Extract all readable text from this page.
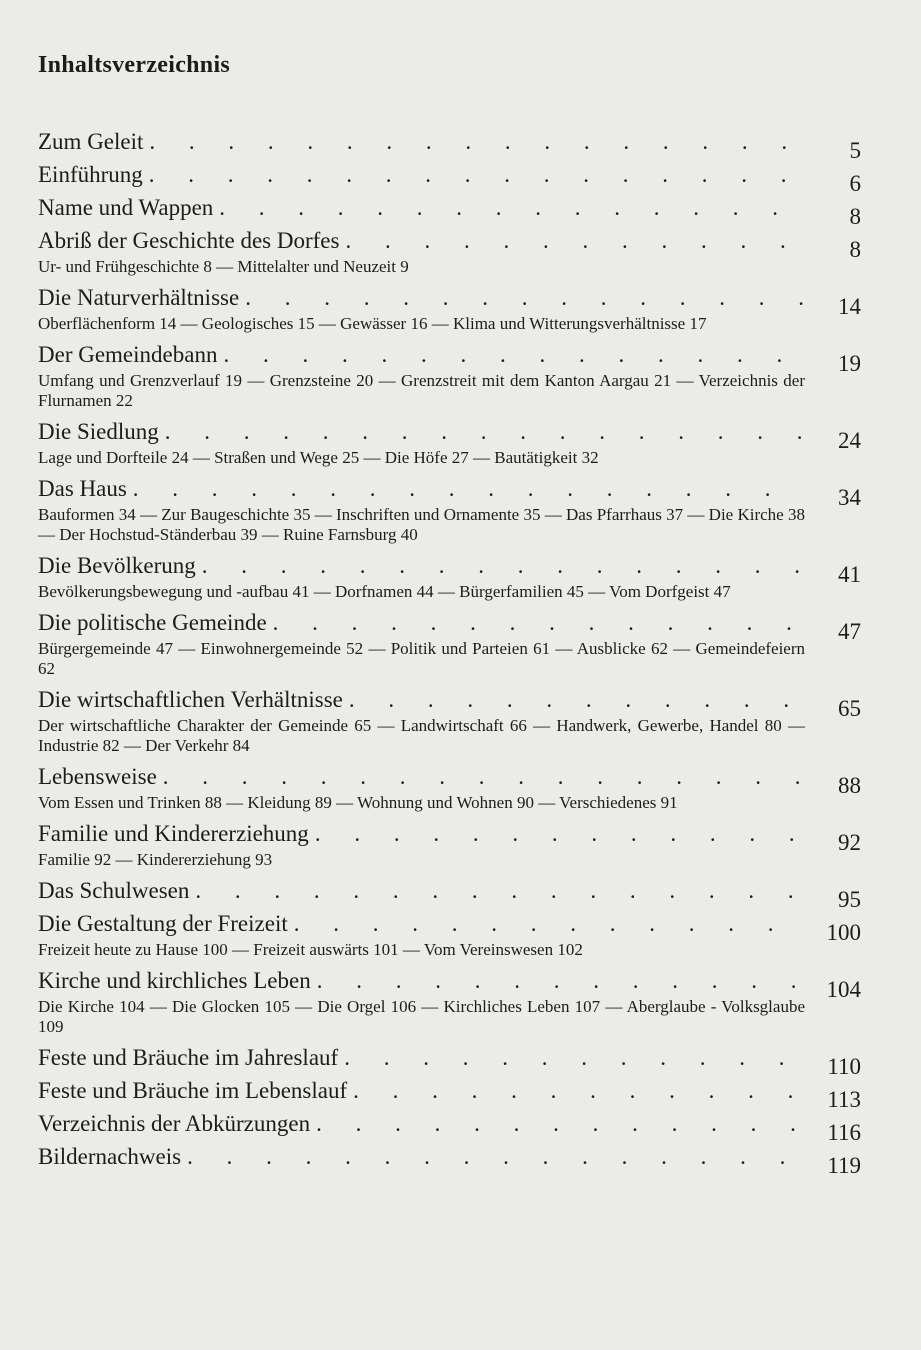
Inhaltsverzeichnis
Zum Geleit . . .	5
Einführung . . .	6
Name und Wappen . . .	8
Abriß der Geschichte des Dorfes . . .	8
Ur- und Frühgeschichte 8 — Mittelalter und Neuzeit 9
Die Naturverhältnisse . . .	14
Oberflächenform 14 — Geologisches 15 — Gewässer 16 — Klima und Witterungsverhältnisse 17
Der Gemeindebann . . .	19
Umfang und Grenzverlauf 19 — Grenzsteine 20 — Grenzstreit mit dem Kanton Aargau 21 — Verzeichnis der Flurnamen 22
Die Siedlung . . .	24
Lage und Dorfteile 24 — Straßen und Wege 25 — Die Höfe 27 — Bautätigkeit 32
Das Haus . . .	34
Bauformen 34 — Zur Baugeschichte 35 — Inschriften und Ornamente 35 — Das Pfarrhaus 37 — Die Kirche 38 — Der Hochstud-Ständerbau 39 — Ruine Farnsburg 40
Die Bevölkerung . . .	41
Bevölkerungsbewegung und -aufbau 41 — Dorfnamen 44 — Bürgerfamilien 45 — Vom Dorfgeist 47
Die politische Gemeinde . . .	47
Bürgergemeinde 47 — Einwohnergemeinde 52 — Politik und Parteien 61 — Ausblicke 62 — Gemeindefeiern 62
Die wirtschaftlichen Verhältnisse . . .	65
Der wirtschaftliche Charakter der Gemeinde 65 — Landwirtschaft 66 — Handwerk, Gewerbe, Handel 80 — Industrie 82 — Der Verkehr 84
Lebensweise . . .	88
Vom Essen und Trinken 88 — Kleidung 89 — Wohnung und Wohnen 90 — Verschiedenes 91
Familie und Kindererziehung . . .	92
Familie 92 — Kindererziehung 93
Das Schulwesen . . .	95
Die Gestaltung der Freizeit . . .	100
Freizeit heute zu Hause 100 — Freizeit auswärts 101 — Vom Vereinswesen 102
Kirche und kirchliches Leben . . .	104
Die Kirche 104 — Die Glocken 105 — Die Orgel 106 — Kirchliches Leben 107 — Aberglaube - Volksglaube 109
Feste und Bräuche im Jahreslauf . . .	110
Feste und Bräuche im Lebenslauf . . .	113
Verzeichnis der Abkürzungen . . .	116
Bildernachweis . . .	119
